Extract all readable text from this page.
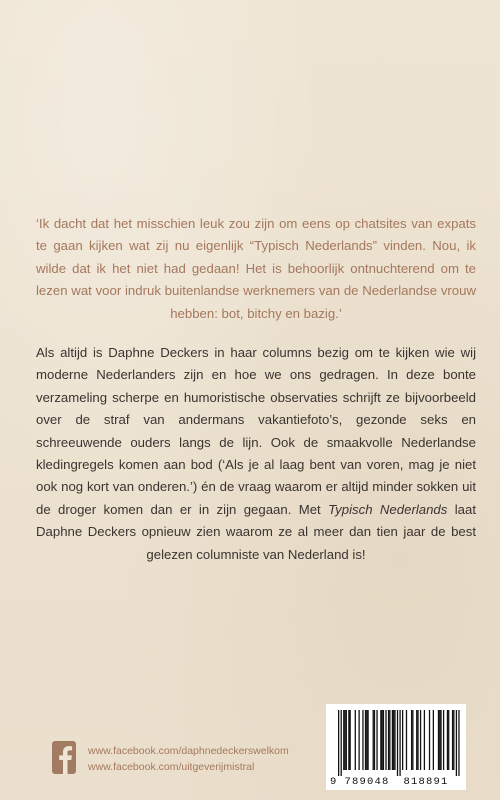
‘Ik dacht dat het misschien leuk zou zijn om eens op chatsites van expats te gaan kijken wat zij nu eigenlijk “Typisch Nederlands” vinden. Nou, ik wilde dat ik het niet had gedaan! Het is behoorlijk ontnuchterend om te lezen wat voor indruk buitenlandse werknemers van de Nederlandse vrouw hebben: bot, bitchy en bazig.’

Als altijd is Daphne Deckers in haar columns bezig om te kijken wie wij moderne Nederlanders zijn en hoe we ons gedragen. In deze bonte verzameling scherpe en humoristische observaties schrijft ze bijvoorbeeld over de straf van andermans vakantiefoto’s, gezonde seks en schreeuwende ouders langs de lijn. Ook de smaakvolle Nederlandse kledingregels komen aan bod (‘Als je al laag bent van voren, mag je niet ook nog kort van onderen.’) én de vraag waarom er altijd minder sokken uit de droger komen dan er in zijn gegaan. Met Typisch Nederlands laat Daphne Deckers opnieuw zien waarom ze al meer dan tien jaar de best gelezen columniste van Nederland is!

www.facebook.com/daphnedeckerswelkom
www.facebook.com/uitgeverijmistral
9 789048 818891
